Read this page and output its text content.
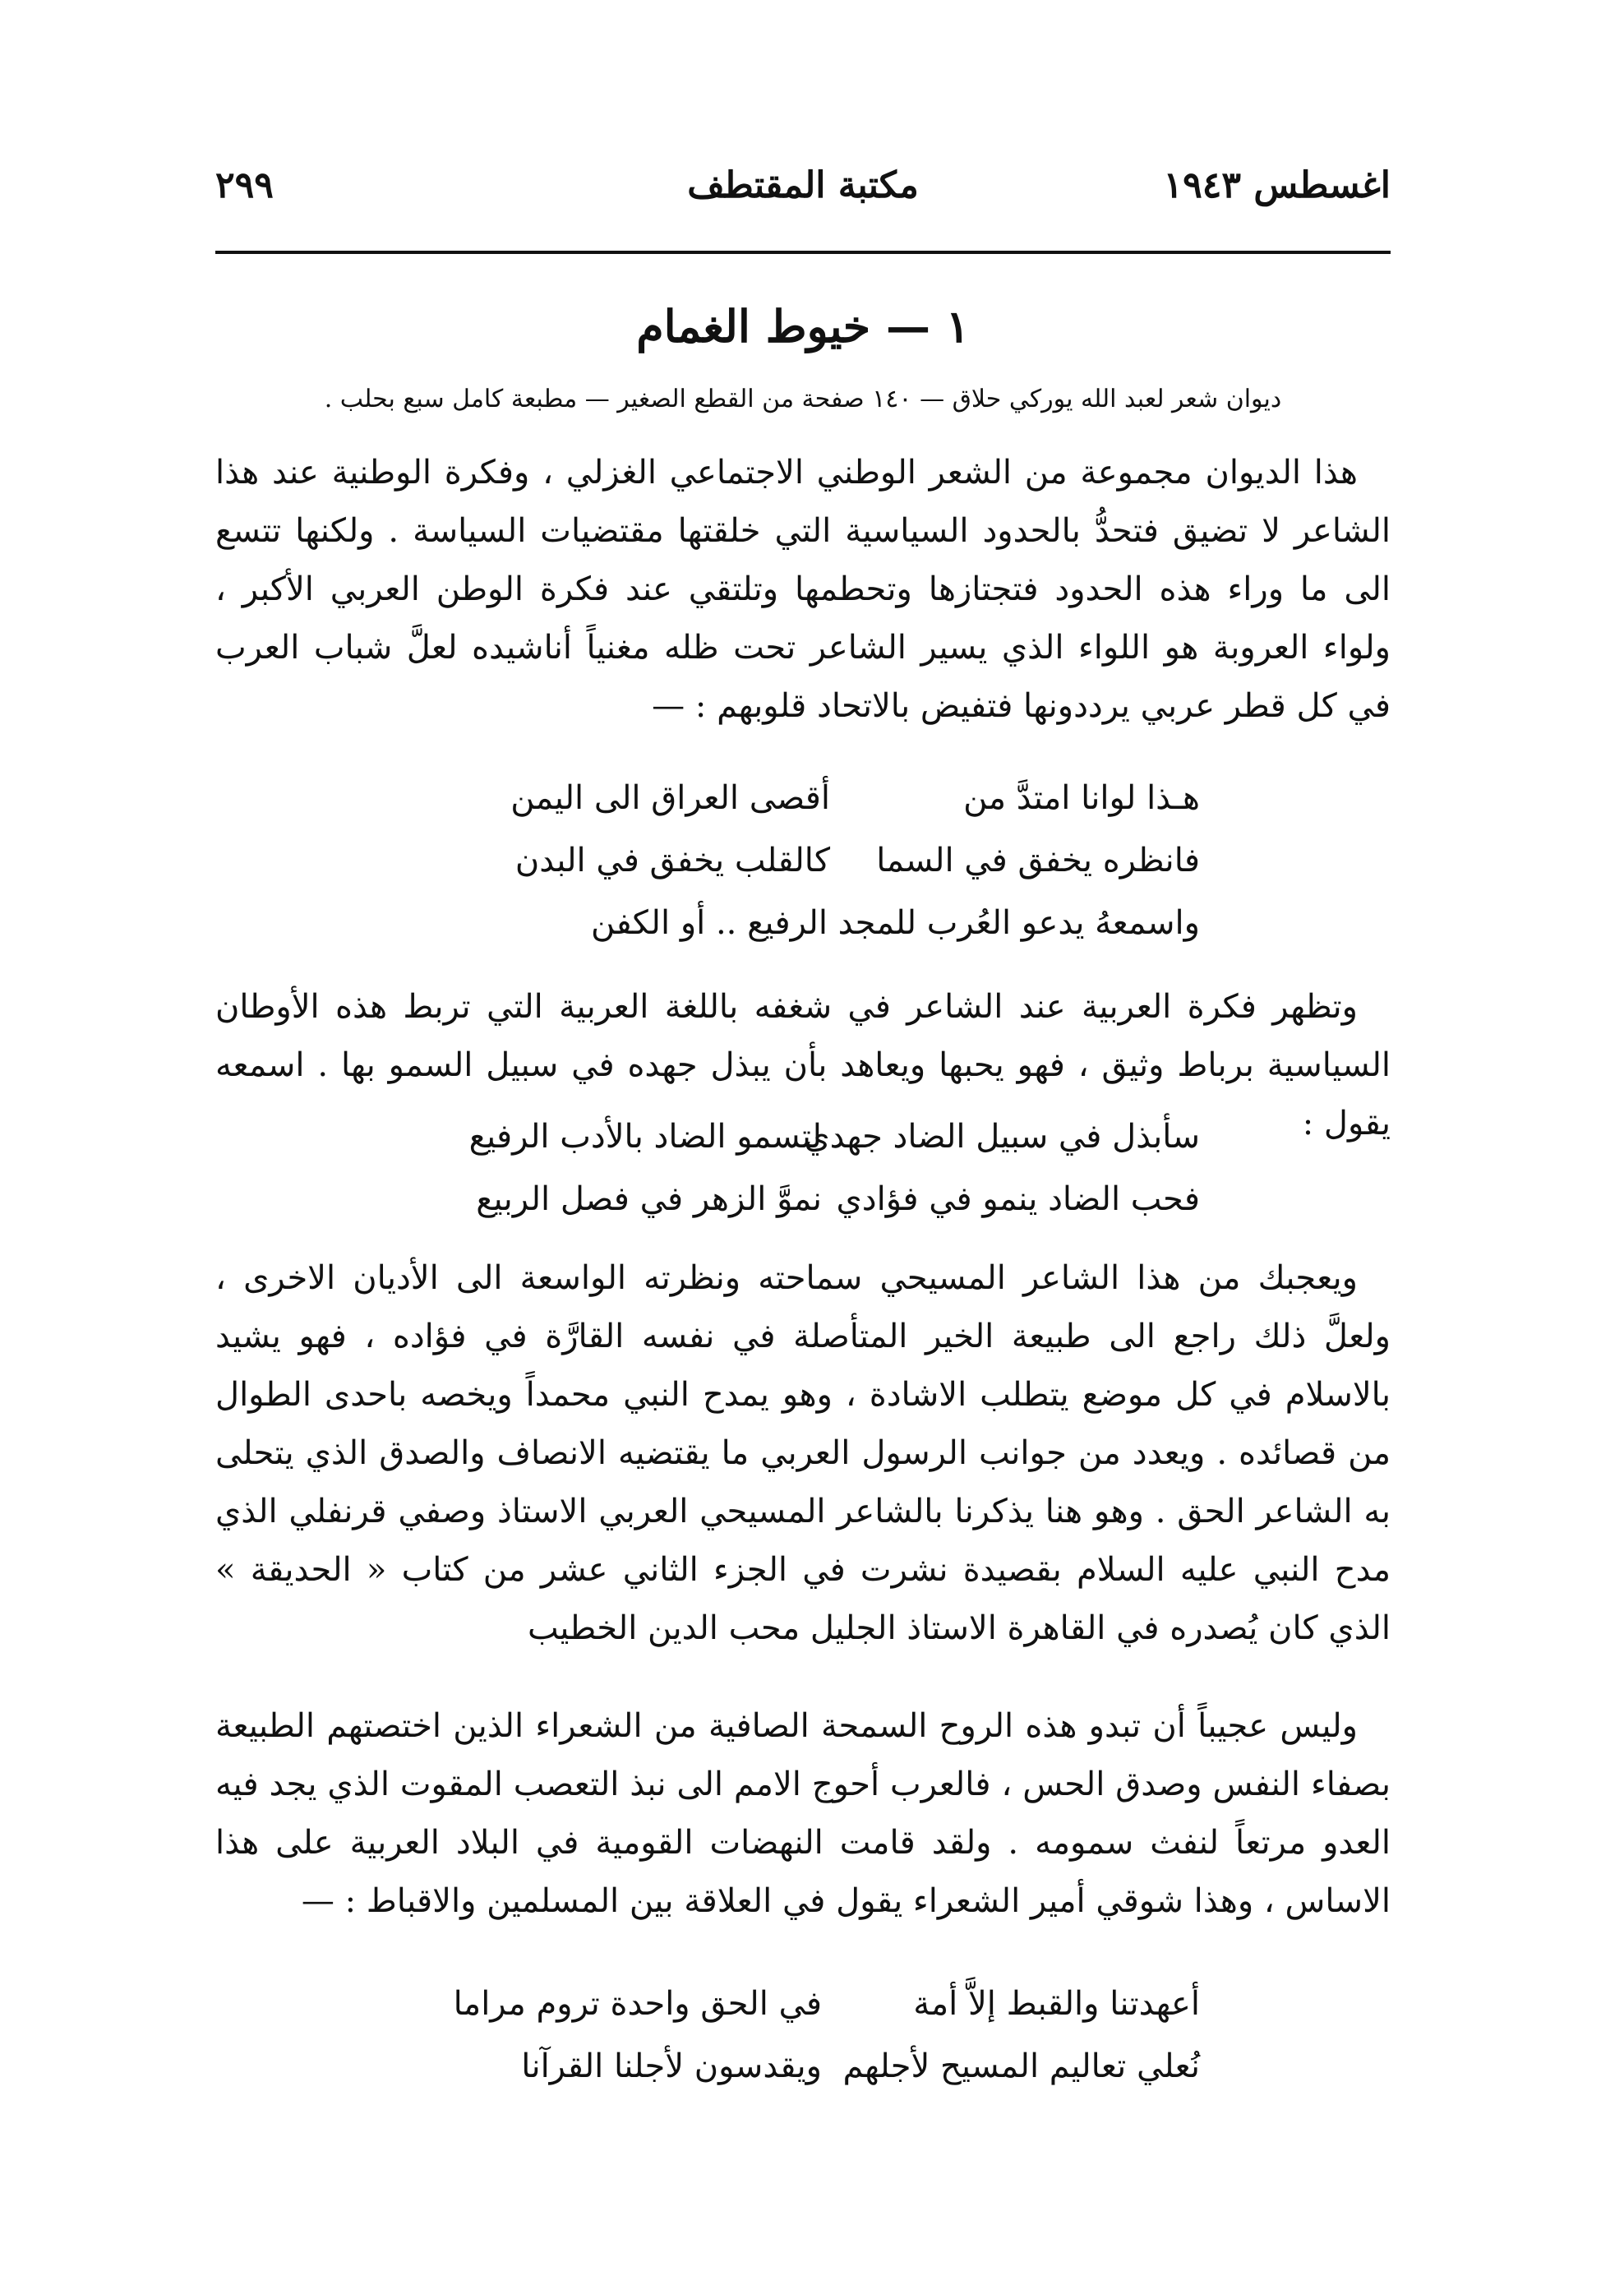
اغسطس ١٩٤٣
مكتبة المقتطف
٢٩٩
١ — خيوط الغمام
ديوان شعر لعبد الله يوركي حلاق — ١٤٠ صفحة من القطع الصغير — مطبعة كامل سبع بحلب .

هذا الديوان مجموعة من الشعر الوطني الاجتماعي الغزلي ، وفكرة الوطنية عند هذا الشاعر لا تضيق فتحدُّ بالحدود السياسية التي خلقتها مقتضيات السياسة . ولكنها تتسع الى ما وراء هذه الحدود فتجتازها وتحطمها وتلتقي عند فكرة الوطن العربي الأكبر ، ولواء العروبة هو اللواء الذي يسير الشاعر تحت ظله مغنياً أناشيده لعلَّ شباب العرب في كل قطر عربي يرددونها فتفيض بالاتحاد قلوبهم : —

هـذا لوانا امتدَّ من
أقصى العراق الى اليمن
فانظره يخفق في السما
كالقلب يخفق في البدن
واسمعهُ يدعو العُرب للمجد الرفيع .. أو الكفن

وتظهر فكرة العربية عند الشاعر في شغفه باللغة العربية التي تربط هذه الأوطان السياسية برباط وثيق ، فهو يحبها ويعاهد بأن يبذل جهده في سبيل السمو بها . اسمعه يقول :

سأبذل في سبيل الضاد جهدي
لتسمو الضاد بالأدب الرفيع
فحب الضاد ينمو في فؤادي
نموَّ الزهر في فصل الربيع

ويعجبك من هذا الشاعر المسيحي سماحته ونظرته الواسعة الى الأديان الاخرى ، ولعلَّ ذلك راجع الى طبيعة الخير المتأصلة في نفسه القارَّة في فؤاده ، فهو يشيد بالاسلام في كل موضع يتطلب الاشادة ، وهو يمدح النبي محمداً ويخصه باحدى الطوال من قصائده . ويعدد من جوانب الرسول العربي ما يقتضيه الانصاف والصدق الذي يتحلى به الشاعر الحق . وهو هنا يذكرنا بالشاعر المسيحي العربي الاستاذ وصفي قرنفلي الذي مدح النبي عليه السلام بقصيدة نشرت في الجزء الثاني عشر من كتاب « الحديقة » الذي كان يُصدره في القاهرة الاستاذ الجليل محب الدين الخطيب

وليس عجيباً أن تبدو هذه الروح السمحة الصافية من الشعراء الذين اختصتهم الطبيعة بصفاء النفس وصدق الحس ، فالعرب أحوج الامم الى نبذ التعصب المقوت الذي يجد فيه العدو مرتعاً لنفث سمومه . ولقد قامت النهضات القومية في البلاد العربية على هذا الاساس ، وهذا شوقي أمير الشعراء يقول في العلاقة بين المسلمين والاقباط : —

أعهدتنا والقبط إلاَّ أمة
في الحق واحدة تروم مراما
نُعلي تعاليم المسيح لأجلهم
ويقدسون لأجلنا القرآنا
